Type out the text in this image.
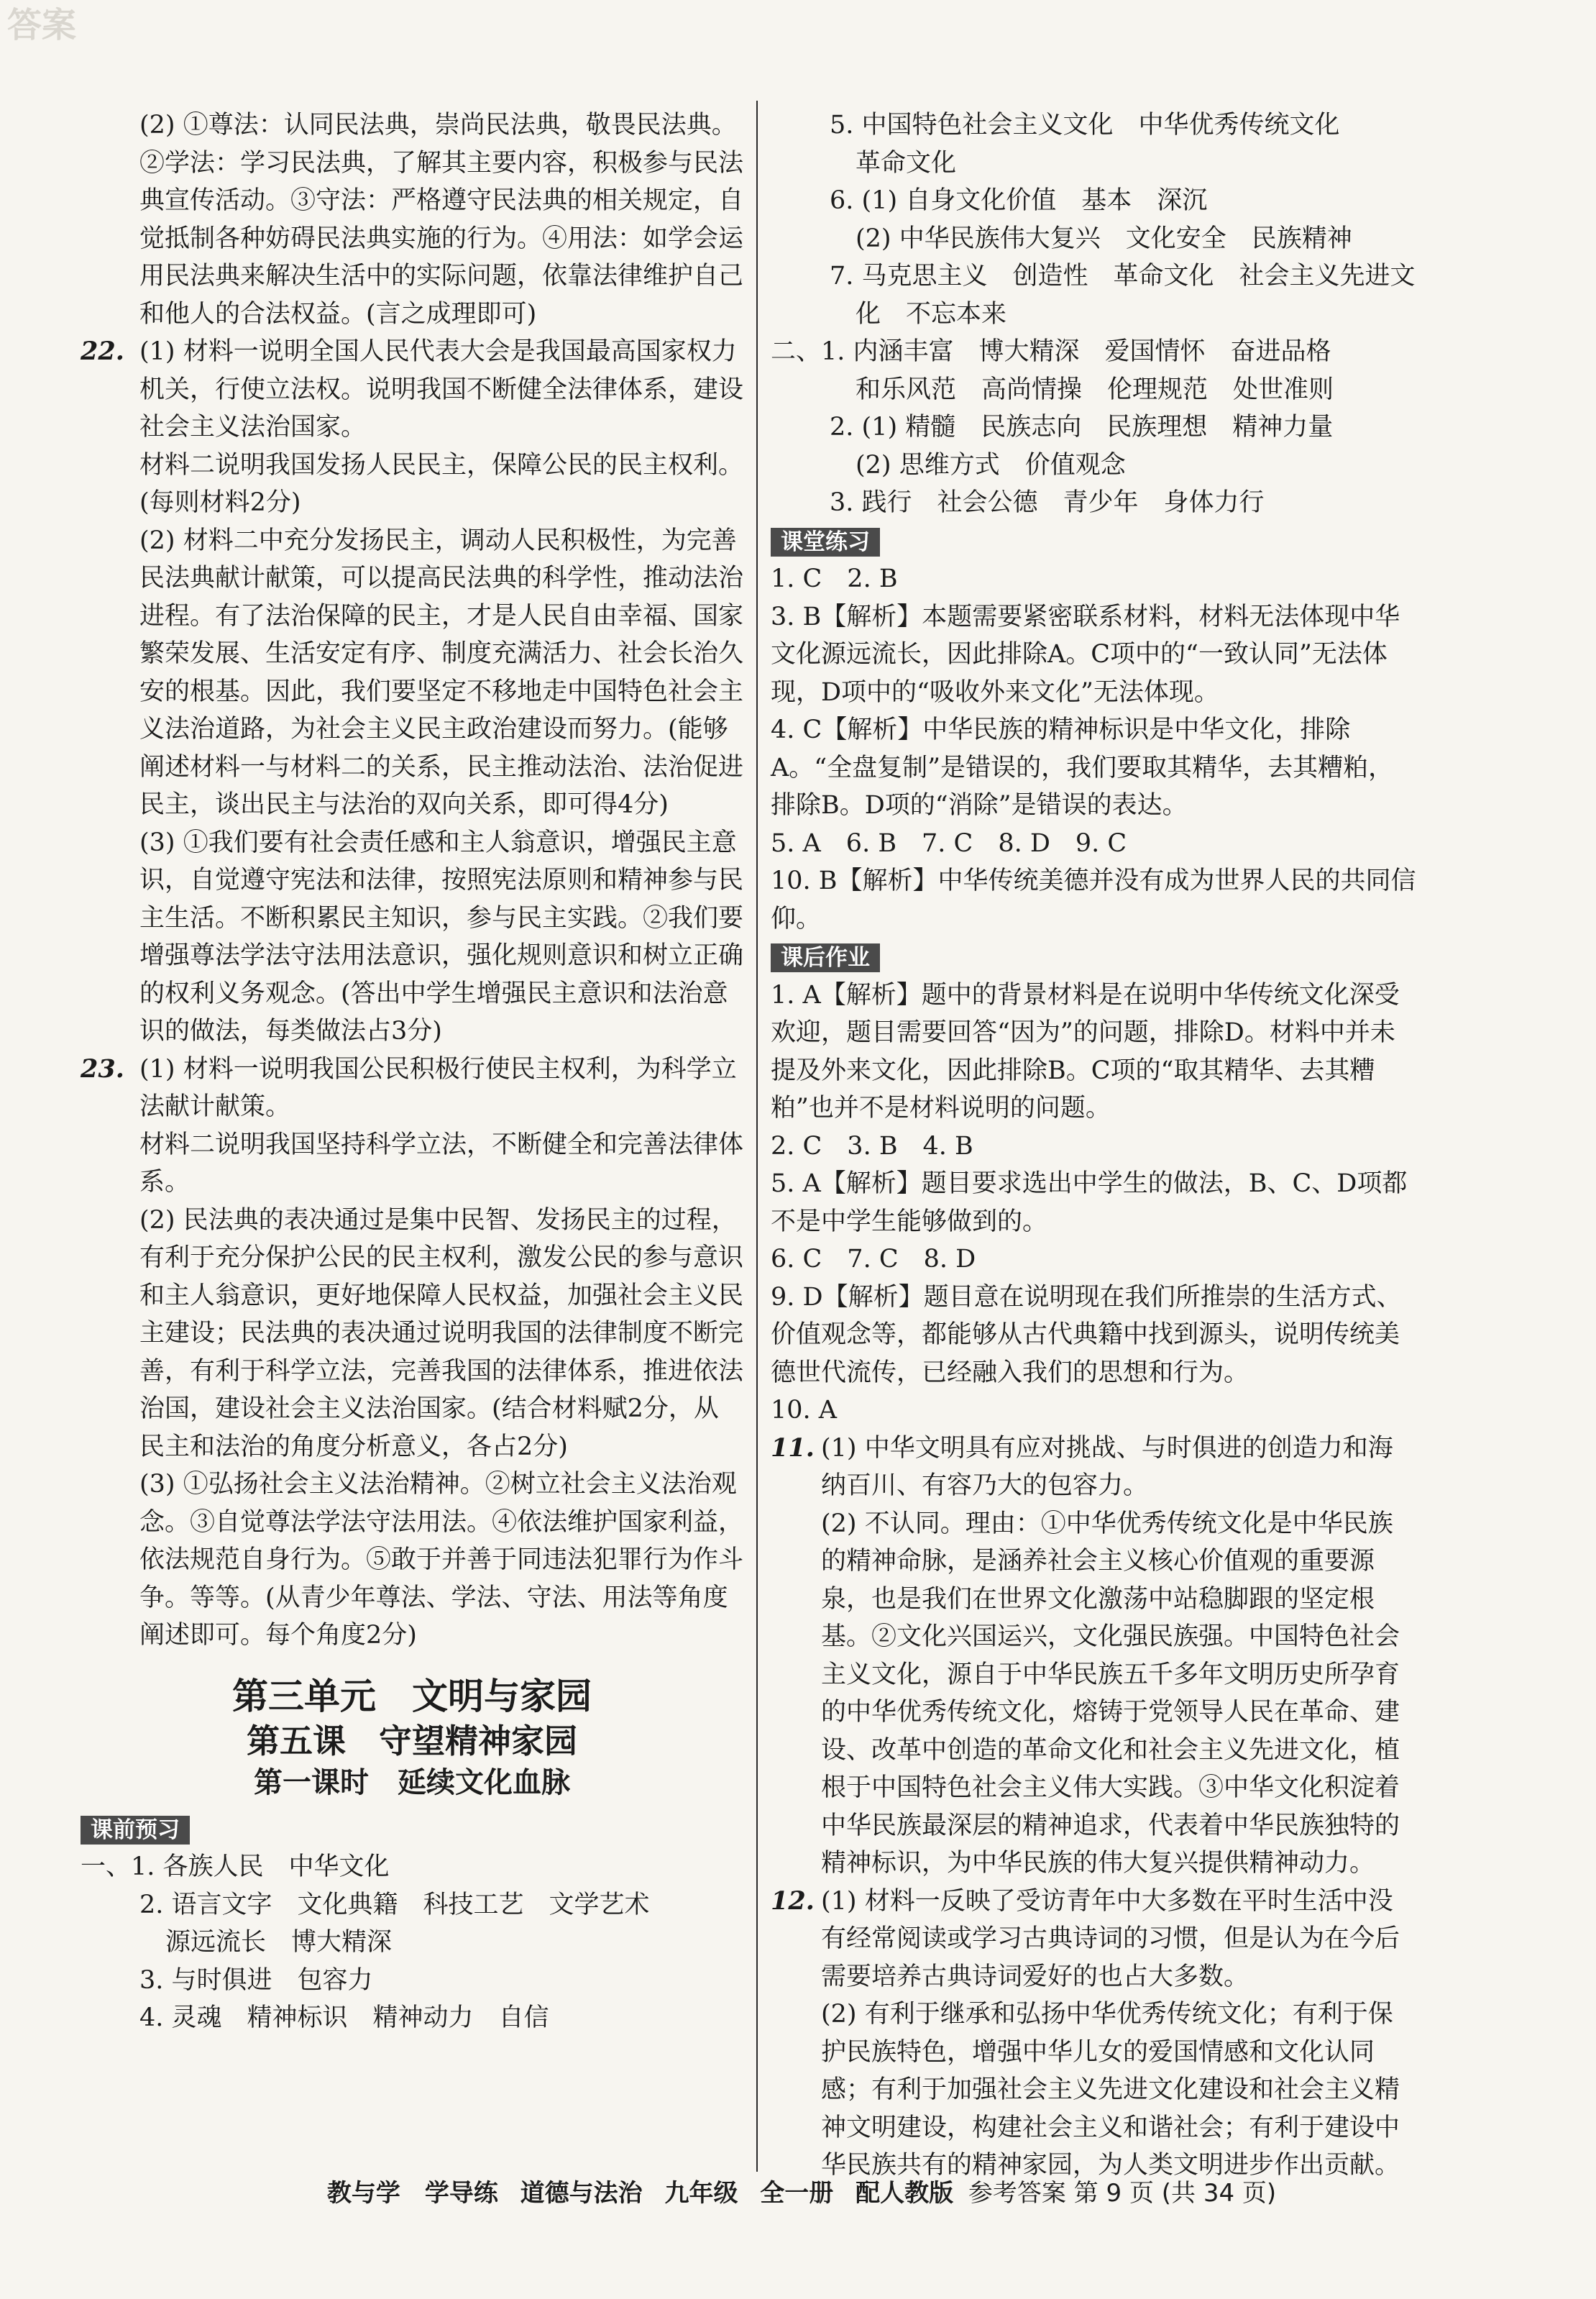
答案

(2) ①尊法：认同民法典，崇尚民法典，敬畏民法典。②学法：学习民法典，了解其主要内容，积极参与民法典宣传活动。③守法：严格遵守民法典的相关规定，自觉抵制各种妨碍民法典实施的行为。④用法：如学会运用民法典来解决生活中的实际问题，依靠法律维护自己和他人的合法权益。(言之成理即可)

22. (1) 材料一说明全国人民代表大会是我国最高国家权力机关，行使立法权。说明我国不断健全法律体系，建设社会主义法治国家。

材料二说明我国发扬人民民主，保障公民的民主权利。(每则材料2分)

(2) 材料二中充分发扬民主，调动人民积极性，为完善民法典献计献策，可以提高民法典的科学性，推动法治进程。有了法治保障的民主，才是人民自由幸福、国家繁荣发展、生活安定有序、制度充满活力、社会长治久安的根基。因此，我们要坚定不移地走中国特色社会主义法治道路，为社会主义民主政治建设而努力。(能够阐述材料一与材料二的关系，民主推动法治、法治促进民主，谈出民主与法治的双向关系，即可得4分)

(3) ①我们要有社会责任感和主人翁意识，增强民主意识，自觉遵守宪法和法律，按照宪法原则和精神参与民主生活。不断积累民主知识，参与民主实践。②我们要增强尊法学法守法用法意识，强化规则意识和树立正确的权利义务观念。(答出中学生增强民主意识和法治意识的做法，每类做法占3分)

23. (1) 材料一说明我国公民积极行使民主权利，为科学立法献计献策。

材料二说明我国坚持科学立法，不断健全和完善法律体系。

(2) 民法典的表决通过是集中民智、发扬民主的过程，有利于充分保护公民的民主权利，激发公民的参与意识和主人翁意识，更好地保障人民权益，加强社会主义民主建设；民法典的表决通过说明我国的法律制度不断完善，有利于科学立法，完善我国的法律体系，推进依法治国，建设社会主义法治国家。(结合材料赋2分，从民主和法治的角度分析意义，各占2分)

(3) ①弘扬社会主义法治精神。②树立社会主义法治观念。③自觉尊法学法守法用法。④依法维护国家利益，依法规范自身行为。⑤敢于并善于同违法犯罪行为作斗争。等等。(从青少年尊法、学法、守法、用法等角度阐述即可。每个角度2分)

第三单元　文明与家园
第五课　守望精神家园
第一课时　延续文化血脉
课前预习

一、1. 各族人民　中华文化

2. 语言文字　文化典籍　科技工艺　文学艺术

源远流长　博大精深

3. 与时俱进　包容力

4. 灵魂　精神标识　精神动力　自信

5. 中国特色社会主义文化　中华优秀传统文化

革命文化

6. (1) 自身文化价值　基本　深沉

(2) 中华民族伟大复兴　文化安全　民族精神

7. 马克思主义　创造性　革命文化　社会主义先进文

化　不忘本来

二、1. 内涵丰富　博大精深　爱国情怀　奋进品格

和乐风范　高尚情操　伦理规范　处世准则

2. (1) 精髓　民族志向　民族理想　精神力量

(2) 思维方式　价值观念

3. 践行　社会公德　青少年　身体力行

课堂练习

1. C　2. B

3. B【解析】本题需要紧密联系材料，材料无法体现中华文化源远流长，因此排除A。C项中的“一致认同”无法体现，D项中的“吸收外来文化”无法体现。

4. C【解析】中华民族的精神标识是中华文化，排除A。“全盘复制”是错误的，我们要取其精华，去其糟粕，排除B。D项的“消除”是错误的表达。

5. A　6. B　7. C　8. D　9. C

10. B【解析】中华传统美德并没有成为世界人民的共同信仰。

课后作业

1. A【解析】题中的背景材料是在说明中华传统文化深受欢迎，题目需要回答“因为”的问题，排除D。材料中并未提及外来文化，因此排除B。C项的“取其精华、去其糟粕”也并不是材料说明的问题。

2. C　3. B　4. B

5. A【解析】题目要求选出中学生的做法，B、C、D项都不是中学生能够做到的。

6. C　7. C　8. D

9. D【解析】题目意在说明现在我们所推崇的生活方式、价值观念等，都能够从古代典籍中找到源头，说明传统美德世代流传，已经融入我们的思想和行为。

10. A

11. (1) 中华文明具有应对挑战、与时俱进的创造力和海纳百川、有容乃大的包容力。

(2) 不认同。理由：①中华优秀传统文化是中华民族的精神命脉，是涵养社会主义核心价值观的重要源泉，也是我们在世界文化激荡中站稳脚跟的坚定根基。②文化兴国运兴，文化强民族强。中国特色社会主义文化，源自于中华民族五千多年文明历史所孕育的中华优秀传统文化，熔铸于党领导人民在革命、建设、改革中创造的革命文化和社会主义先进文化，植根于中国特色社会主义伟大实践。③中华文化积淀着中华民族最深层的精神追求，代表着中华民族独特的精神标识，为中华民族的伟大复兴提供精神动力。

12. (1) 材料一反映了受访青年中大多数在平时生活中没有经常阅读或学习古典诗词的习惯，但是认为在今后需要培养古典诗词爱好的也占大多数。

(2) 有利于继承和弘扬中华优秀传统文化；有利于保护民族特色，增强中华儿女的爱国情感和文化认同感；有利于加强社会主义先进文化建设和社会主义精神文明建设，构建社会主义和谐社会；有利于建设中华民族共有的精神家园，为人类文明进步作出贡献。

教与学　学导练 道德与法治 九年级 全一册 配人教版 参考答案 第 9 页 (共 34 页)
